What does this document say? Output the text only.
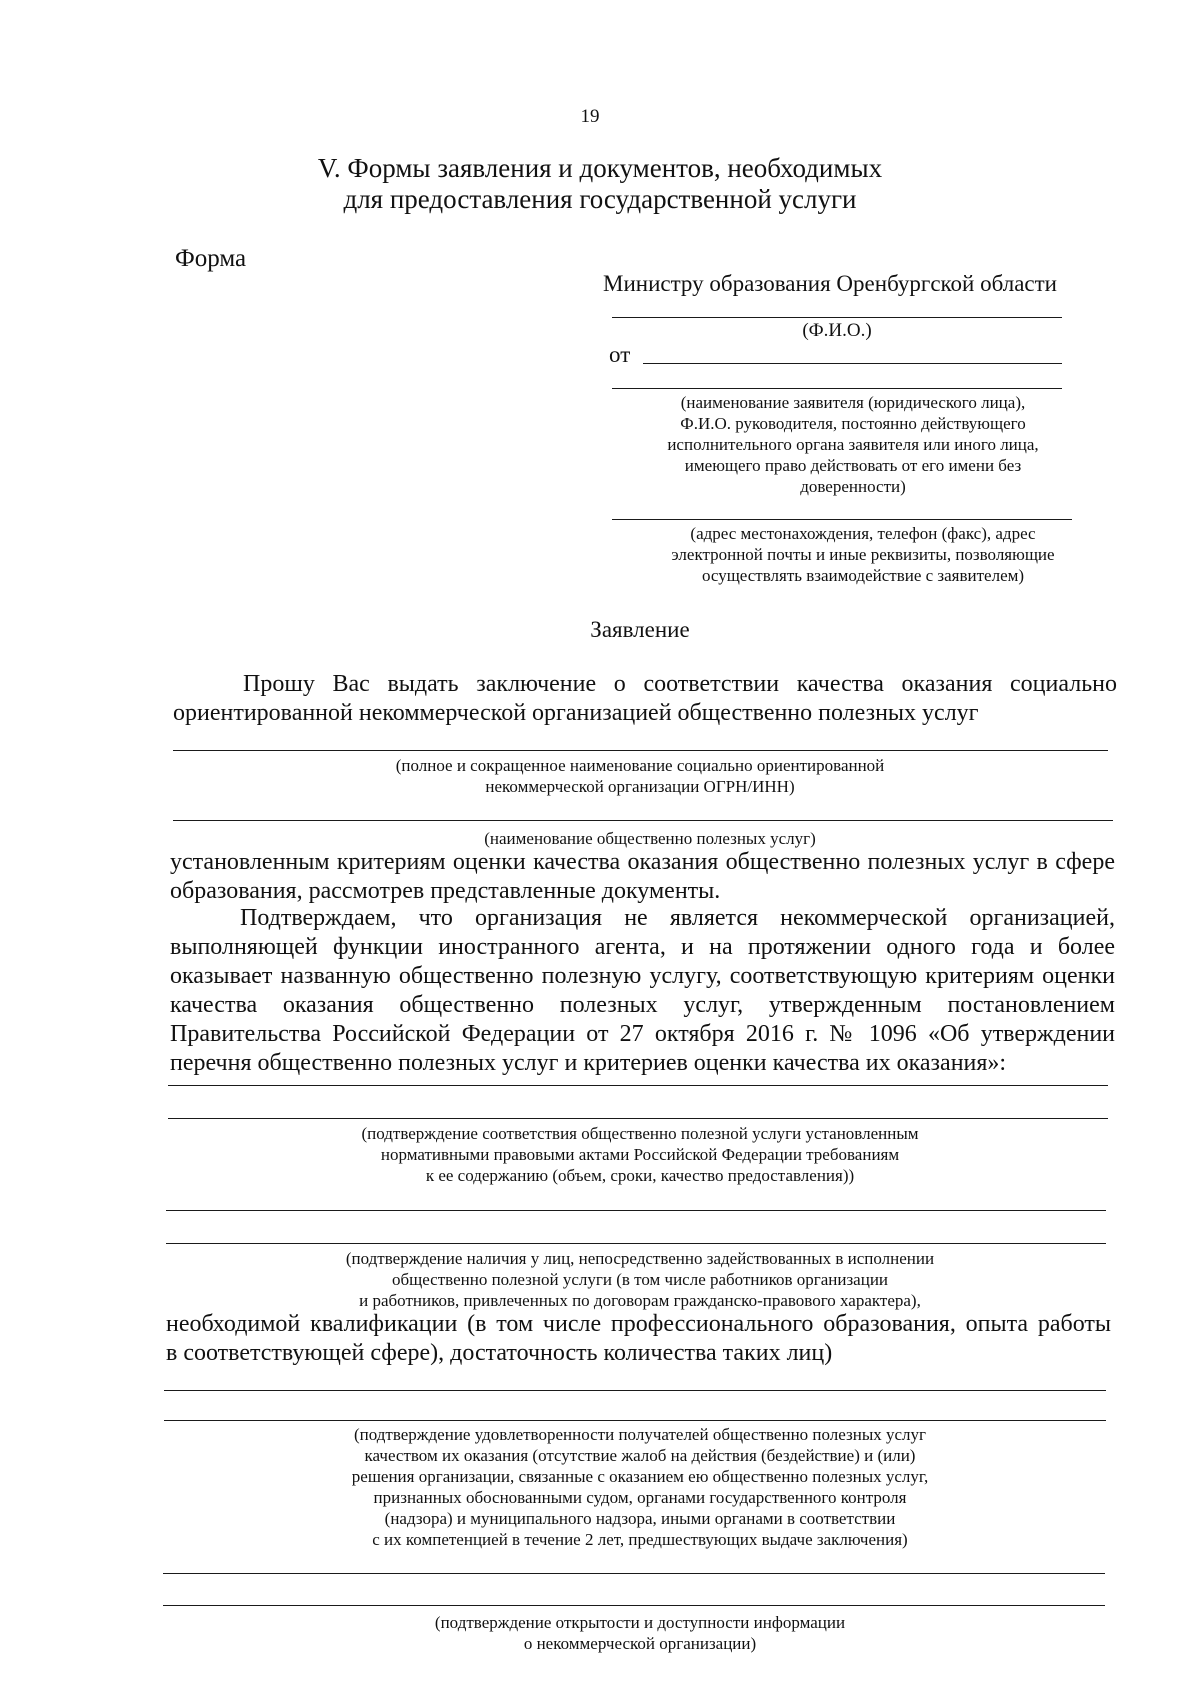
19
V. Формы заявления и документов, необходимых
для предоставления государственной услуги
Форма
Министру образования Оренбургской области
(Ф.И.О.)
от
(наименование заявителя (юридического лица),
Ф.И.О. руководителя, постоянно действующего
исполнительного органа заявителя или иного лица,
имеющего право действовать от его имени без
доверенности)
(адрес местонахождения, телефон (факс), адрес
электронной почты и иные реквизиты, позволяющие
осуществлять взаимодействие с заявителем)
Заявление
Прошу Вас выдать заключение о соответствии качества оказания социально
ориентированной некоммерческой организацией общественно полезных услуг
(полное и сокращенное наименование социально ориентированной
некоммерческой организации ОГРН/ИНН)
(наименование общественно полезных услуг)
установленным критериям оценки качества оказания общественно полезных услуг в сфере
образования, рассмотрев представленные документы.
Подтверждаем, что организация не является некоммерческой организацией,
выполняющей функции иностранного агента, и на протяжении одного года и более
оказывает названную общественно полезную услугу, соответствующую критериям оценки
качества оказания общественно полезных услуг, утвержденным постановлением
Правительства Российской Федерации от 27 октября 2016 г. № 1096 «Об утверждении
перечня общественно полезных услуг и критериев оценки качества их оказания»:
(подтверждение соответствия общественно полезной услуги установленным
нормативными правовыми актами Российской Федерации требованиям
к ее содержанию (объем, сроки, качество предоставления))
(подтверждение наличия у лиц, непосредственно задействованных в исполнении
общественно полезной услуги (в том числе работников организации
и работников, привлеченных по договорам гражданско-правового характера),
необходимой квалификации (в том числе профессионального образования, опыта работы
в соответствующей сфере), достаточность количества таких лиц)
(подтверждение удовлетворенности получателей общественно полезных услуг
качеством их оказания (отсутствие жалоб на действия (бездействие) и (или)
решения организации, связанные с оказанием ею общественно полезных услуг,
признанных обоснованными судом, органами государственного контроля
(надзора) и муниципального надзора, иными органами в соответствии
с их компетенцией в течение 2 лет, предшествующих выдаче заключения)
(подтверждение открытости и доступности информации
о некоммерческой организации)
